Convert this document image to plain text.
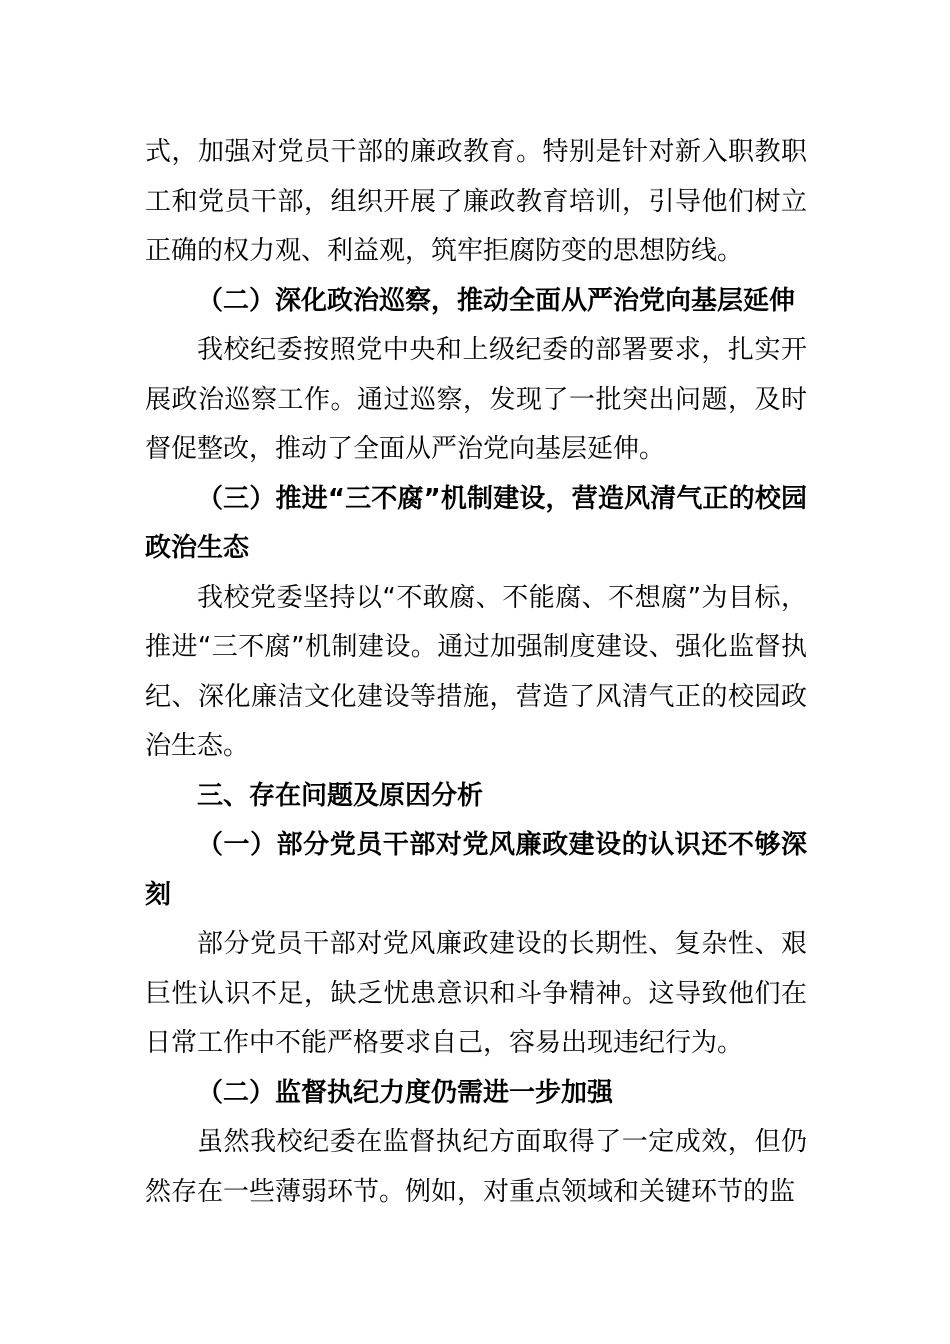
式，加强对党员干部的廉政教育。特别是针对新入职教职工和党员干部，组织开展了廉政教育培训，引导他们树立正确的权力观、利益观，筑牢拒腐防变的思想防线。

（二）深化政治巡察，推动全面从严治党向基层延伸

我校纪委按照党中央和上级纪委的部署要求，扎实开展政治巡察工作。通过巡察，发现了一批突出问题，及时督促整改，推动了全面从严治党向基层延伸。

（三）推进“三不腐”机制建设，营造风清气正的校园政治生态

我校党委坚持以“不敢腐、不能腐、不想腐”为目标，推进“三不腐”机制建设。通过加强制度建设、强化监督执纪、深化廉洁文化建设等措施，营造了风清气正的校园政治生态。

三、存在问题及原因分析

（一）部分党员干部对党风廉政建设的认识还不够深刻

部分党员干部对党风廉政建设的长期性、复杂性、艰巨性认识不足，缺乏忧患意识和斗争精神。这导致他们在日常工作中不能严格要求自己，容易出现违纪行为。

（二）监督执纪力度仍需进一步加强

虽然我校纪委在监督执纪方面取得了一定成效，但仍然存在一些薄弱环节。例如，对重点领域和关键环节的监
